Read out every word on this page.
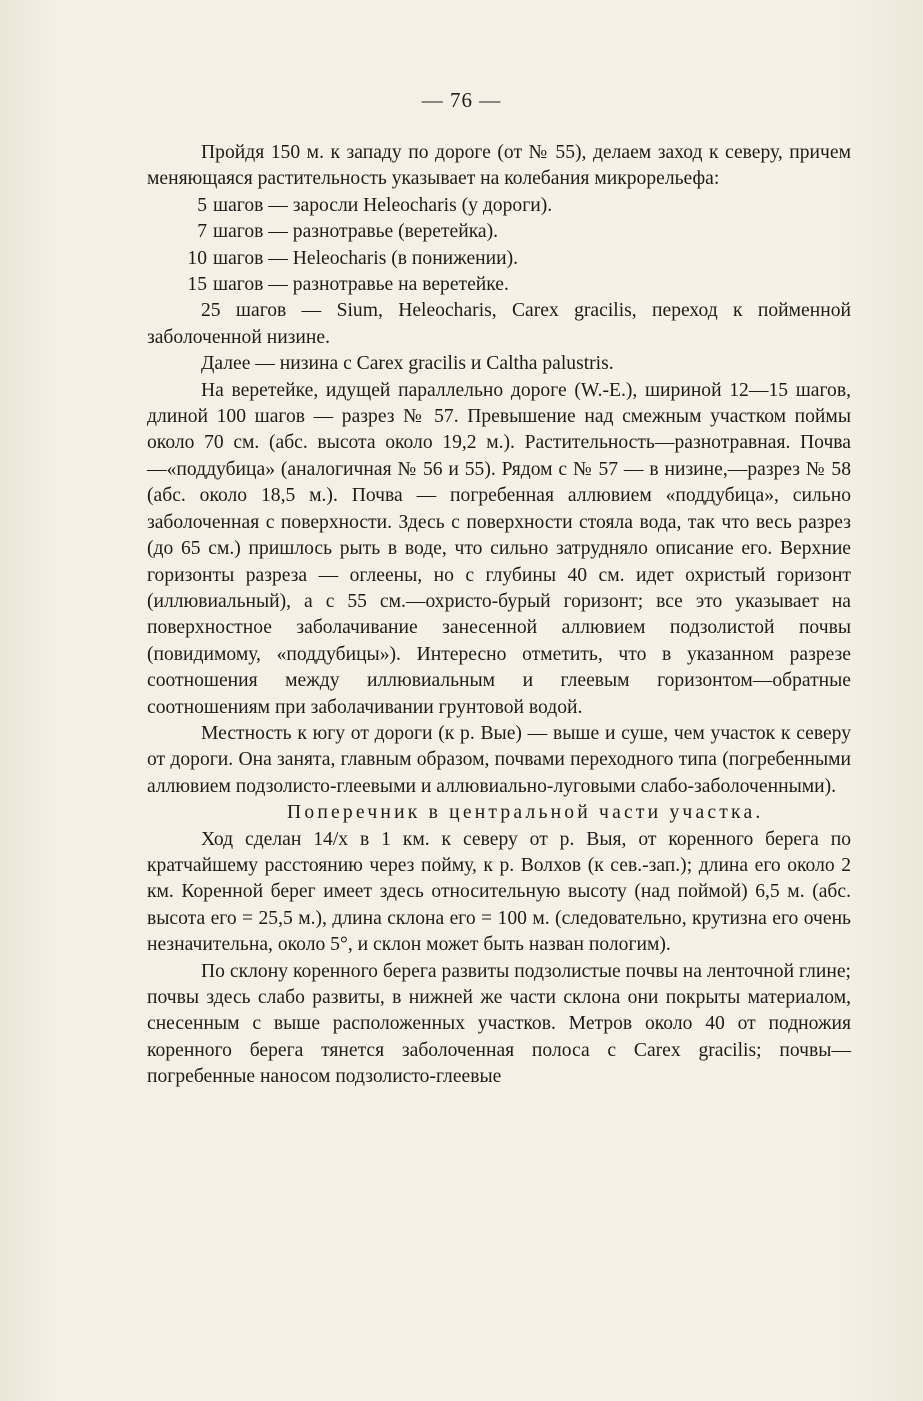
— 76 —

Пройдя 150 м. к западу по дороге (от № 55), делаем заход к северу, причем меняющаяся растительность указывает на колебания микрорельефа:

5 шагов — заросли Heleocharis (у дороги).

7 шагов — разнотравье (веретейка).

10 шагов — Heleocharis (в понижении).

15 шагов — разнотравье на веретейке.

25 шагов — Sium, Heleocharis, Carex gracilis, переход к пойменной заболоченной низине.

Далее — низина с Carex gracilis и Caltha palustris.

На веретейке, идущей параллельно дороге (W.-E.), шириной 12—15 шагов, длиной 100 шагов — разрез № 57. Превышение над смежным участком поймы около 70 см. (абс. высота около 19,2 м.). Растительность—разнотравная. Почва—«поддубица» (аналогичная № 56 и 55). Рядом с № 57 — в низине,—разрез № 58 (абс. около 18,5 м.). Почва — погребенная аллювием «поддубица», сильно заболоченная с поверхности. Здесь с поверхности стояла вода, так что весь разрез (до 65 см.) пришлось рыть в воде, что сильно затрудняло описание его. Верхние горизонты разреза — оглеены, но с глубины 40 см. идет охристый горизонт (иллювиальный), а с 55 см.—охристо-бурый горизонт; все это указывает на поверхностное заболачивание занесенной аллювием подзолистой почвы (повидимому, «поддубицы»). Интересно отметить, что в указанном разрезе соотношения между иллювиальным и глеевым горизонтом—обратные соотношениям при заболачивании грунтовой водой.

Местность к югу от дороги (к р. Вые) — выше и суше, чем участок к северу от дороги. Она занята, главным образом, почвами переходного типа (погребенными аллювием подзолисто-глеевыми и аллювиально-луговыми слабо-заболоченными).

Поперечник в центральной части участка.

Ход сделан 14/х в 1 км. к северу от р. Выя, от коренного берега по кратчайшему расстоянию через пойму, к р. Волхов (к сев.-зап.); длина его около 2 км. Коренной берег имеет здесь относительную высоту (над поймой) 6,5 м. (абс. высота его = 25,5 м.), длина склона его = 100 м. (следовательно, крутизна его очень незначительна, около 5°, и склон может быть назван пологим).

По склону коренного берега развиты подзолистые почвы на ленточной глине; почвы здесь слабо развиты, в нижней же части склона они покрыты материалом, снесенным с выше расположенных участков. Метров около 40 от подножия коренного берега тянется заболоченная полоса с Carex gracilis; почвы—погребенные наносом подзолисто-глеевые
